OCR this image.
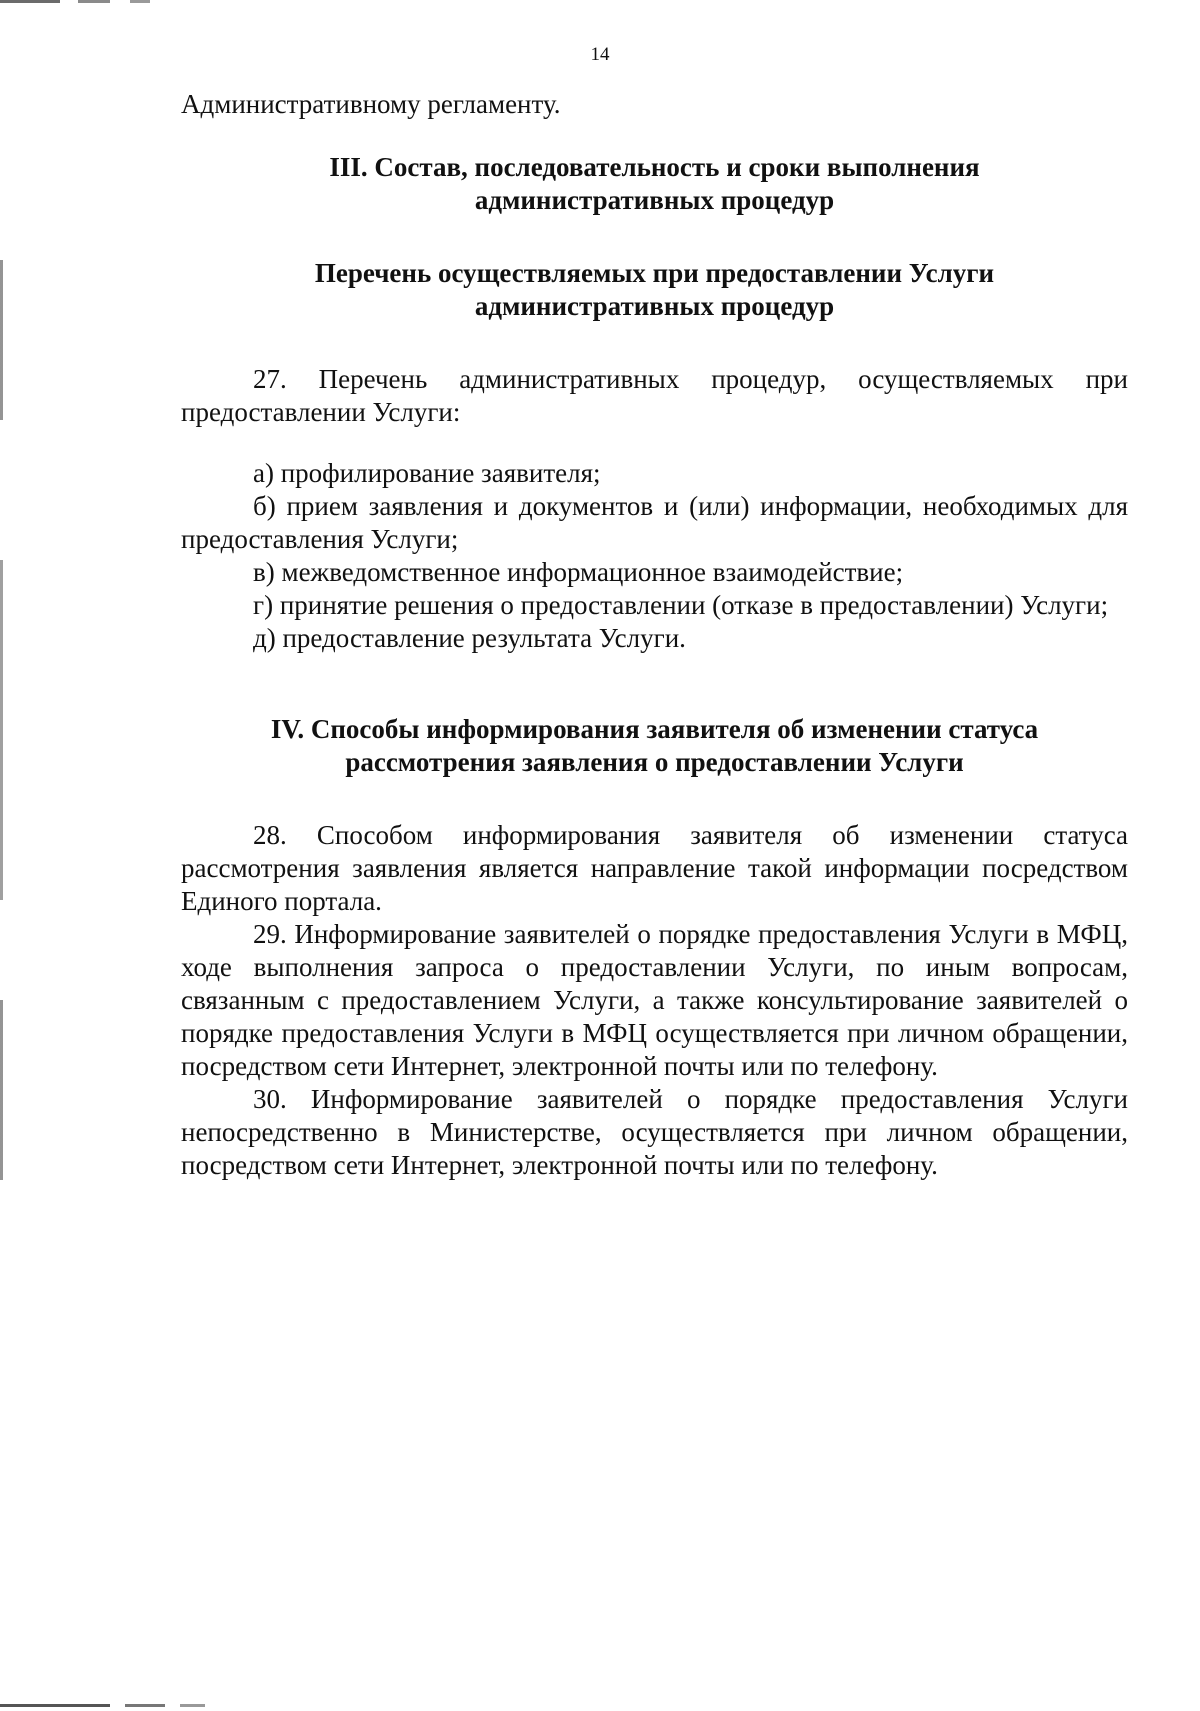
14

Административному регламенту.

III. Состав, последовательность и сроки выполнения

административных процедур

Перечень осуществляемых при предоставлении Услуги

административных процедур

27. Перечень административных процедур, осуществляемых при предоставлении Услуги:

а) профилирование заявителя;

б) прием заявления и документов и (или) информации, необходимых для предоставления Услуги;

в) межведомственное информационное взаимодействие;

г) принятие решения о предоставлении (отказе в предоставлении) Услуги;

д) предоставление результата Услуги.

IV. Способы информирования заявителя об изменении статуса

рассмотрения заявления о предоставлении Услуги

28. Способом информирования заявителя об изменении статуса рассмотрения заявления является направление такой информации посредством Единого портала.

29. Информирование заявителей о порядке предоставления Услуги в МФЦ, ходе выполнения запроса о предоставлении Услуги, по иным вопросам, связанным с предоставлением Услуги, а также консультирование заявителей о порядке предоставления Услуги в МФЦ осуществляется при личном обращении, посредством сети Интернет, электронной почты или по телефону.

30. Информирование заявителей о порядке предоставления Услуги непосредственно в Министерстве, осуществляется при личном обращении, посредством сети Интернет, электронной почты или по телефону.
